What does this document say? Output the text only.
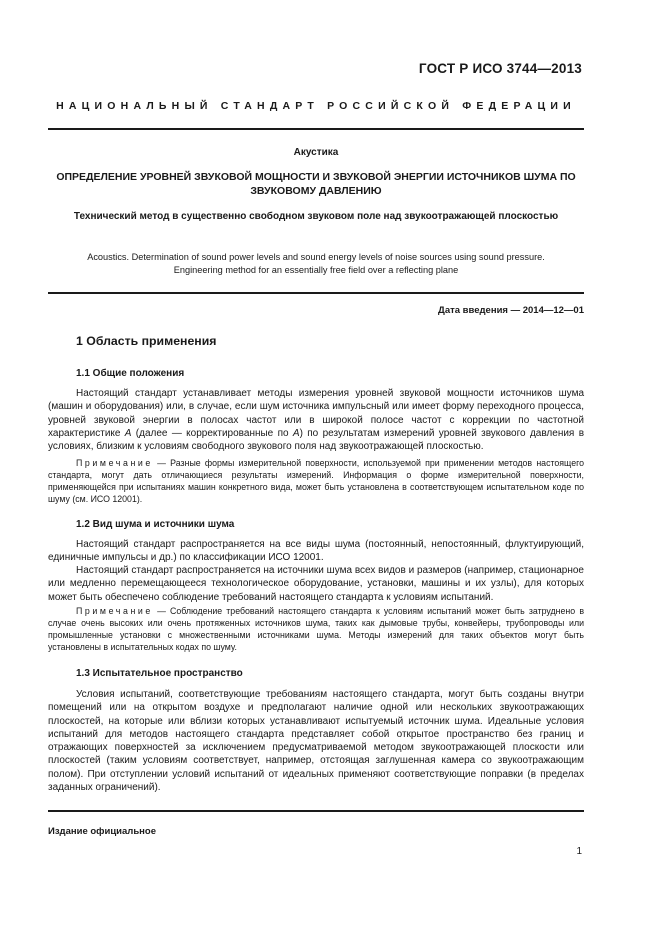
ГОСТ Р ИСО 3744—2013
НАЦИОНАЛЬНЫЙ СТАНДАРТ РОССИЙСКОЙ ФЕДЕРАЦИИ
Акустика
ОПРЕДЕЛЕНИЕ УРОВНЕЙ ЗВУКОВОЙ МОЩНОСТИ И ЗВУКОВОЙ ЭНЕРГИИ ИСТОЧНИКОВ ШУМА ПО ЗВУКОВОМУ ДАВЛЕНИЮ
Технический метод в существенно свободном звуковом поле над звукоотражающей плоскостью
Acoustics. Determination of sound power levels and sound energy levels of noise sources using sound pressure.
Engineering method for an essentially free field over a reflecting plane
Дата введения — 2014—12—01
1 Область применения
1.1 Общие положения

Настоящий стандарт устанавливает методы измерения уровней звуковой мощности источников шума (машин и оборудования) или, в случае, если шум источника импульсный или имеет форму переходного процесса, уровней звуковой энергии в полосах частот или в широкой полосе частот с коррекции по частотной характеристике A (далее — корректированные по A) по результатам измерений уровней звукового давления в условиях, близким к условиям свободного звукового поля над звукоотражающей плоскостью.

Примечание — Разные формы измерительной поверхности, используемой при применении методов настоящего стандарта, могут дать отличающиеся результаты измерений. Информация о форме измерительной поверхности, применяющейся при испытаниях машин конкретного вида, может быть установлена в соответствующем испытательном коде по шуму (см. ИСО 12001).

1.2 Вид шума и источники шума

Настоящий стандарт распространяется на все виды шума (постоянный, непостоянный, флуктуирующий, единичные импульсы и др.) по классификации ИСО 12001.

Настоящий стандарт распространяется на источники шума всех видов и размеров (например, стационарное или медленно перемещающееся технологическое оборудование, установки, машины и их узлы), для которых может быть обеспечено соблюдение требований настоящего стандарта к условиям испытаний.

Примечание — Соблюдение требований настоящего стандарта к условиям испытаний может быть затруднено в случае очень высоких или очень протяженных источников шума, таких как дымовые трубы, конвейеры, трубопроводы или промышленные установки с множественными источниками шума. Методы измерений для таких объектов могут быть установлены в испытательных кодах по шуму.

1.3 Испытательное пространство

Условия испытаний, соответствующие требованиям настоящего стандарта, могут быть созданы внутри помещений или на открытом воздухе и предполагают наличие одной или нескольких звукоотражающих плоскостей, на которые или вблизи которых устанавливают испытуемый источник шума. Идеальные условия испытаний для методов настоящего стандарта представляет собой открытое пространство без границ и отражающих поверхностей за исключением предусматриваемой методом звукоотражающей плоскости или плоскостей (таким условиям соответствует, например, отстоящая заглушенная камера со звукоотражающим полом). При отступлении условий испытаний от идеальных применяют соответствующие поправки (в пределах заданных ограничений).

Издание официальное
1
